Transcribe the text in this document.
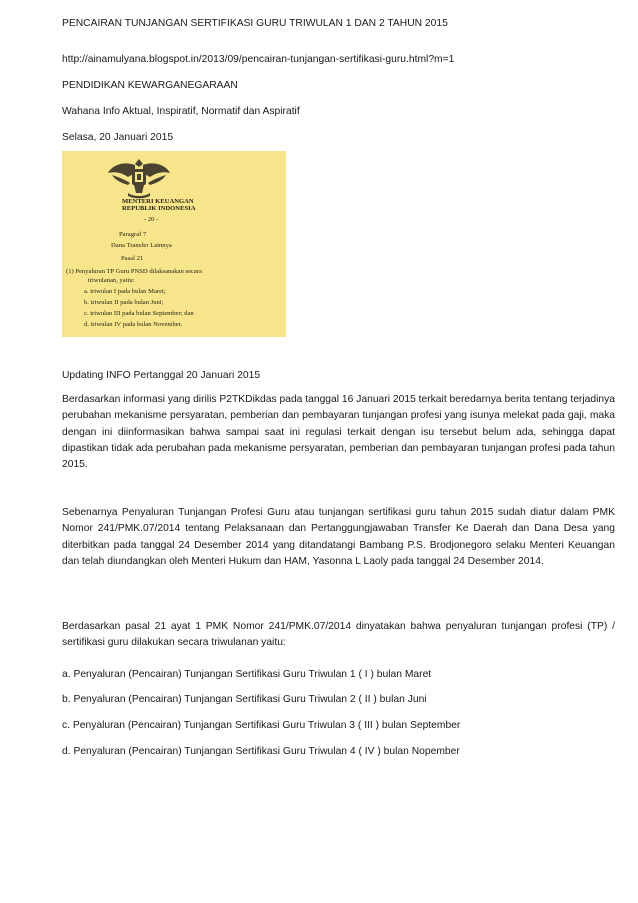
PENCAIRAN TUNJANGAN SERTIFIKASI GURU TRIWULAN 1 DAN 2 TAHUN 2015

http://ainamulyana.blogspot.in/2013/09/pencairan-tunjangan-sertifikasi-guru.html?m=1

PENDIDIKAN KEWARGANEGARAAN

Wahana Info Aktual, Inspiratif, Normatif dan Aspiratif

Selasa, 20 Januari 2015

Updating INFO Pertanggal 20 Januari 2015

Berdasarkan informasi yang dirilis P2TKDikdas pada tanggal 16 Januari 2015 terkait beredarnya berita tentang terjadinya perubahan mekanisme persyaratan, pemberian dan pembayaran tunjangan profesi yang isunya melekat pada gaji, maka dengan ini diinformasikan bahwa sampai saat ini regulasi terkait dengan isu tersebut belum ada, sehingga dapat dipastikan tidak ada perubahan pada mekanisme persyaratan, pemberian dan pembayaran tunjangan profesi pada tahun 2015.

Sebenarnya Penyaluran Tunjangan Profesi Guru atau tunjangan sertifikasi guru tahun 2015 sudah diatur dalam PMK Nomor 241/PMK.07/2014 tentang Pelaksanaan dan Pertanggungjawaban Transfer Ke Daerah dan Dana Desa yang diterbitkan pada tanggal 24 Desember 2014 yang ditandatangi Bambang P.S. Brodjonegoro selaku Menteri Keuangan dan telah diundangkan oleh Menteri Hukum dan HAM, Yasonna L Laoly pada tanggal 24 Desember 2014.

Berdasarkan pasal 21 ayat 1 PMK Nomor 241/PMK.07/2014 dinyatakan bahwa penyaluran tunjangan profesi (TP) / sertifikasi guru dilakukan secara triwulanan yaitu:

a. Penyaluran (Pencairan) Tunjangan Sertifikasi Guru Triwulan 1 ( I ) bulan Maret

b. Penyaluran (Pencairan) Tunjangan Sertifikasi Guru Triwulan 2 ( II ) bulan Juni

c. Penyaluran (Pencairan) Tunjangan Sertifikasi Guru Triwulan 3 ( III ) bulan September

d. Penyaluran (Pencairan) Tunjangan Sertifikasi Guru Triwulan 4 ( IV ) bulan Nopember

MENTERI KEUANGAN
REPUBLIK INDONESIA
- 20 -
Paragraf 7
Dana Transfer Lainnya
Pasal 21
(1) Penyaluran TP Guru PNSD dilaksanakan secara
triwulanan, yaitu:
a. triwulan I pada bulan Maret;
b. triwulan II pada bulan Juni;
c. triwulan III pada bulan September; dan
d. triwulan IV pada bulan November.
